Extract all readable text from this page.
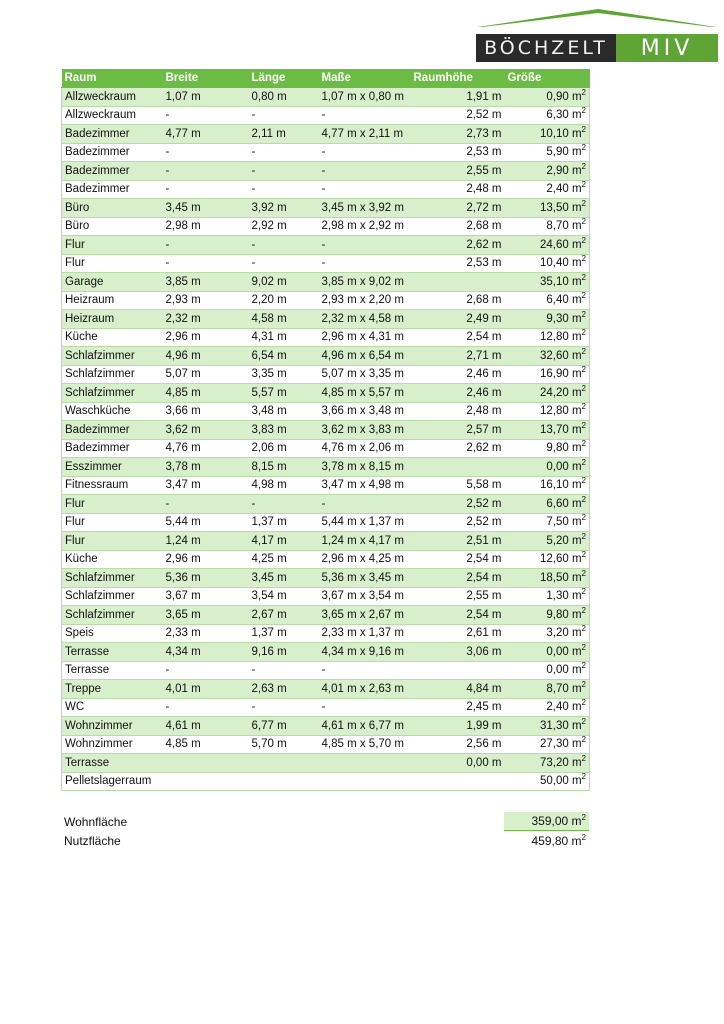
BÖCHZELT	MIV
Raum	Breite	Länge	Maße	Raumhöhe	Größe
Allzweckraum	1,07 m	0,80 m	1,07 m x 0,80 m	1,91 m	0,90 $m^2$
Allzweckraum	-	-	-	2,52 m	6,30 $m^2$
Badezimmer	4,77 m	2,11 m	4,77 m x 2,11 m	2,73 m	10,10 $m^2$
Badezimmer	-	-	-	2,53 m	5,90 $m^2$
Badezimmer	-	-	-	2,55 m	2,90 $m^2$
Badezimmer	-	-	-	2,48 m	2,40 $m^2$
Büro	3,45 m	3,92 m	3,45 m x 3,92 m	2,72 m	13,50 $m^2$
Büro	2,98 m	2,92 m	2,98 m x 2,92 m	2,68 m	8,70 $m^2$
Flur	-	-	-	2,62 m	24,60 $m^2$
Flur	-	-	-	2,53 m	10,40 $m^2$
Garage	3,85 m	9,02 m	3,85 m x 9,02 m		35,10 $m^2$
Heizraum	2,93 m	2,20 m	2,93 m x 2,20 m	2,68 m	6,40 $m^2$
Heizraum	2,32 m	4,58 m	2,32 m x 4,58 m	2,49 m	9,30 $m^2$
Küche	2,96 m	4,31 m	2,96 m x 4,31 m	2,54 m	12,80 $m^2$
Schlafzimmer	4,96 m	6,54 m	4,96 m x 6,54 m	2,71 m	32,60 $m^2$
Schlafzimmer	5,07 m	3,35 m	5,07 m x 3,35 m	2,46 m	16,90 $m^2$
Schlafzimmer	4,85 m	5,57 m	4,85 m x 5,57 m	2,46 m	24,20 $m^2$
Waschküche	3,66 m	3,48 m	3,66 m x 3,48 m	2,48 m	12,80 $m^2$
Badezimmer	3,62 m	3,83 m	3,62 m x 3,83 m	2,57 m	13,70 $m^2$
Badezimmer	4,76 m	2,06 m	4,76 m x 2,06 m	2,62 m	9,80 $m^2$
Esszimmer	3,78 m	8,15 m	3,78 m x 8,15 m		0,00 $m^2$
Fitnessraum	3,47 m	4,98 m	3,47 m x 4,98 m	5,58 m	16,10 $m^2$
Flur	-	-	-	2,52 m	6,60 $m^2$
Flur	5,44 m	1,37 m	5,44 m x 1,37 m	2,52 m	7,50 $m^2$
Flur	1,24 m	4,17 m	1,24 m x 4,17 m	2,51 m	5,20 $m^2$
Küche	2,96 m	4,25 m	2,96 m x 4,25 m	2,54 m	12,60 $m^2$
Schlafzimmer	5,36 m	3,45 m	5,36 m x 3,45 m	2,54 m	18,50 $m^2$
Schlafzimmer	3,67 m	3,54 m	3,67 m x 3,54 m	2,55 m	1,30 $m^2$
Schlafzimmer	3,65 m	2,67 m	3,65 m x 2,67 m	2,54 m	9,80 $m^2$
Speis	2,33 m	1,37 m	2,33 m x 1,37 m	2,61 m	3,20 $m^2$
Terrasse	4,34 m	9,16 m	4,34 m x 9,16 m	3,06 m	0,00 $m^2$
Terrasse	-	-	-		0,00 $m^2$
Treppe	4,01 m	2,63 m	4,01 m x 2,63 m	4,84 m	8,70 $m^2$
WC	-	-	-	2,45 m	2,40 $m^2$
Wohnzimmer	4,61 m	6,77 m	4,61 m x 6,77 m	1,99 m	31,30 $m^2$
Wohnzimmer	4,85 m	5,70 m	4,85 m x 5,70 m	2,56 m	27,30 $m^2$
Terrasse				0,00 m	73,20 $m^2$
Pelletslagerraum					50,00 $m^2$
Wohnfläche	359,00 $m^2$
Nutzfläche	459,80 $m^2$
